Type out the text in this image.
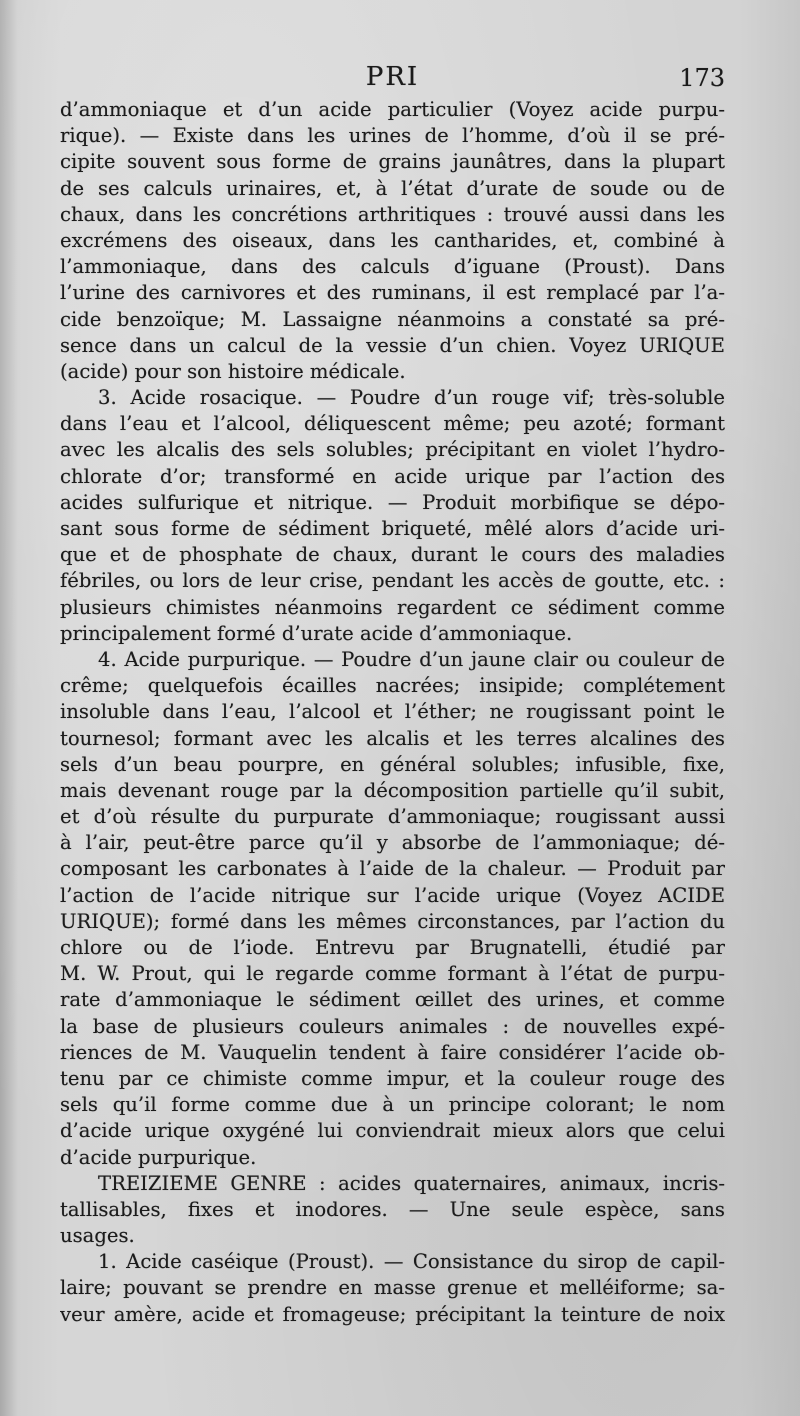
PRI	173
d’ammoniaque et d’un acide particulier (Voyez acide purpu-
rique). — Existe dans les urines de l’homme, d’où il se pré-
cipite souvent sous forme de grains jaunâtres, dans la plupart
de ses calculs urinaires, et, à l’état d’urate de soude ou de
chaux, dans les concrétions arthritiques : trouvé aussi dans les
excrémens des oiseaux, dans les cantharides, et, combiné à
l’ammoniaque, dans des calculs d’iguane (Proust). Dans
l’urine des carnivores et des ruminans, il est remplacé par l’a-
cide benzoïque; M. Lassaigne néanmoins a constaté sa pré-
sence dans un calcul de la vessie d’un chien. Voyez URIQUE
(acide) pour son histoire médicale.
3. Acide rosacique. — Poudre d’un rouge vif; très-soluble
dans l’eau et l’alcool, déliquescent même; peu azoté; formant
avec les alcalis des sels solubles; précipitant en violet l’hydro-
chlorate d’or; transformé en acide urique par l’action des
acides sulfurique et nitrique. — Produit morbifique se dépo-
sant sous forme de sédiment briqueté, mêlé alors d’acide uri-
que et de phosphate de chaux, durant le cours des maladies
fébriles, ou lors de leur crise, pendant les accès de goutte, etc. :
plusieurs chimistes néanmoins regardent ce sédiment comme
principalement formé d’urate acide d’ammoniaque.
4. Acide purpurique. — Poudre d’un jaune clair ou couleur de
crême; quelquefois écailles nacrées; insipide; complétement
insoluble dans l’eau, l’alcool et l’éther; ne rougissant point le
tournesol; formant avec les alcalis et les terres alcalines des
sels d’un beau pourpre, en général solubles; infusible, fixe,
mais devenant rouge par la décomposition partielle qu’il subit,
et d’où résulte du purpurate d’ammoniaque; rougissant aussi
à l’air, peut-être parce qu’il y absorbe de l’ammoniaque; dé-
composant les carbonates à l’aide de la chaleur. — Produit par
l’action de l’acide nitrique sur l’acide urique (Voyez ACIDE
URIQUE); formé dans les mêmes circonstances, par l’action du
chlore ou de l’iode. Entrevu par Brugnatelli, étudié par
M. W. Prout, qui le regarde comme formant à l’état de purpu-
rate d’ammoniaque le sédiment œillet des urines, et comme
la base de plusieurs couleurs animales : de nouvelles expé-
riences de M. Vauquelin tendent à faire considérer l’acide ob-
tenu par ce chimiste comme impur, et la couleur rouge des
sels qu’il forme comme due à un principe colorant; le nom
d’acide urique oxygéné lui conviendrait mieux alors que celui
d’acide purpurique.
TREIZIEME GENRE : acides quaternaires, animaux, incris-
tallisables, fixes et inodores. — Une seule espèce, sans
usages.
1. Acide caséique (Proust). — Consistance du sirop de capil-
laire; pouvant se prendre en masse grenue et melléiforme; sa-
veur amère, acide et fromageuse; précipitant la teinture de noix
